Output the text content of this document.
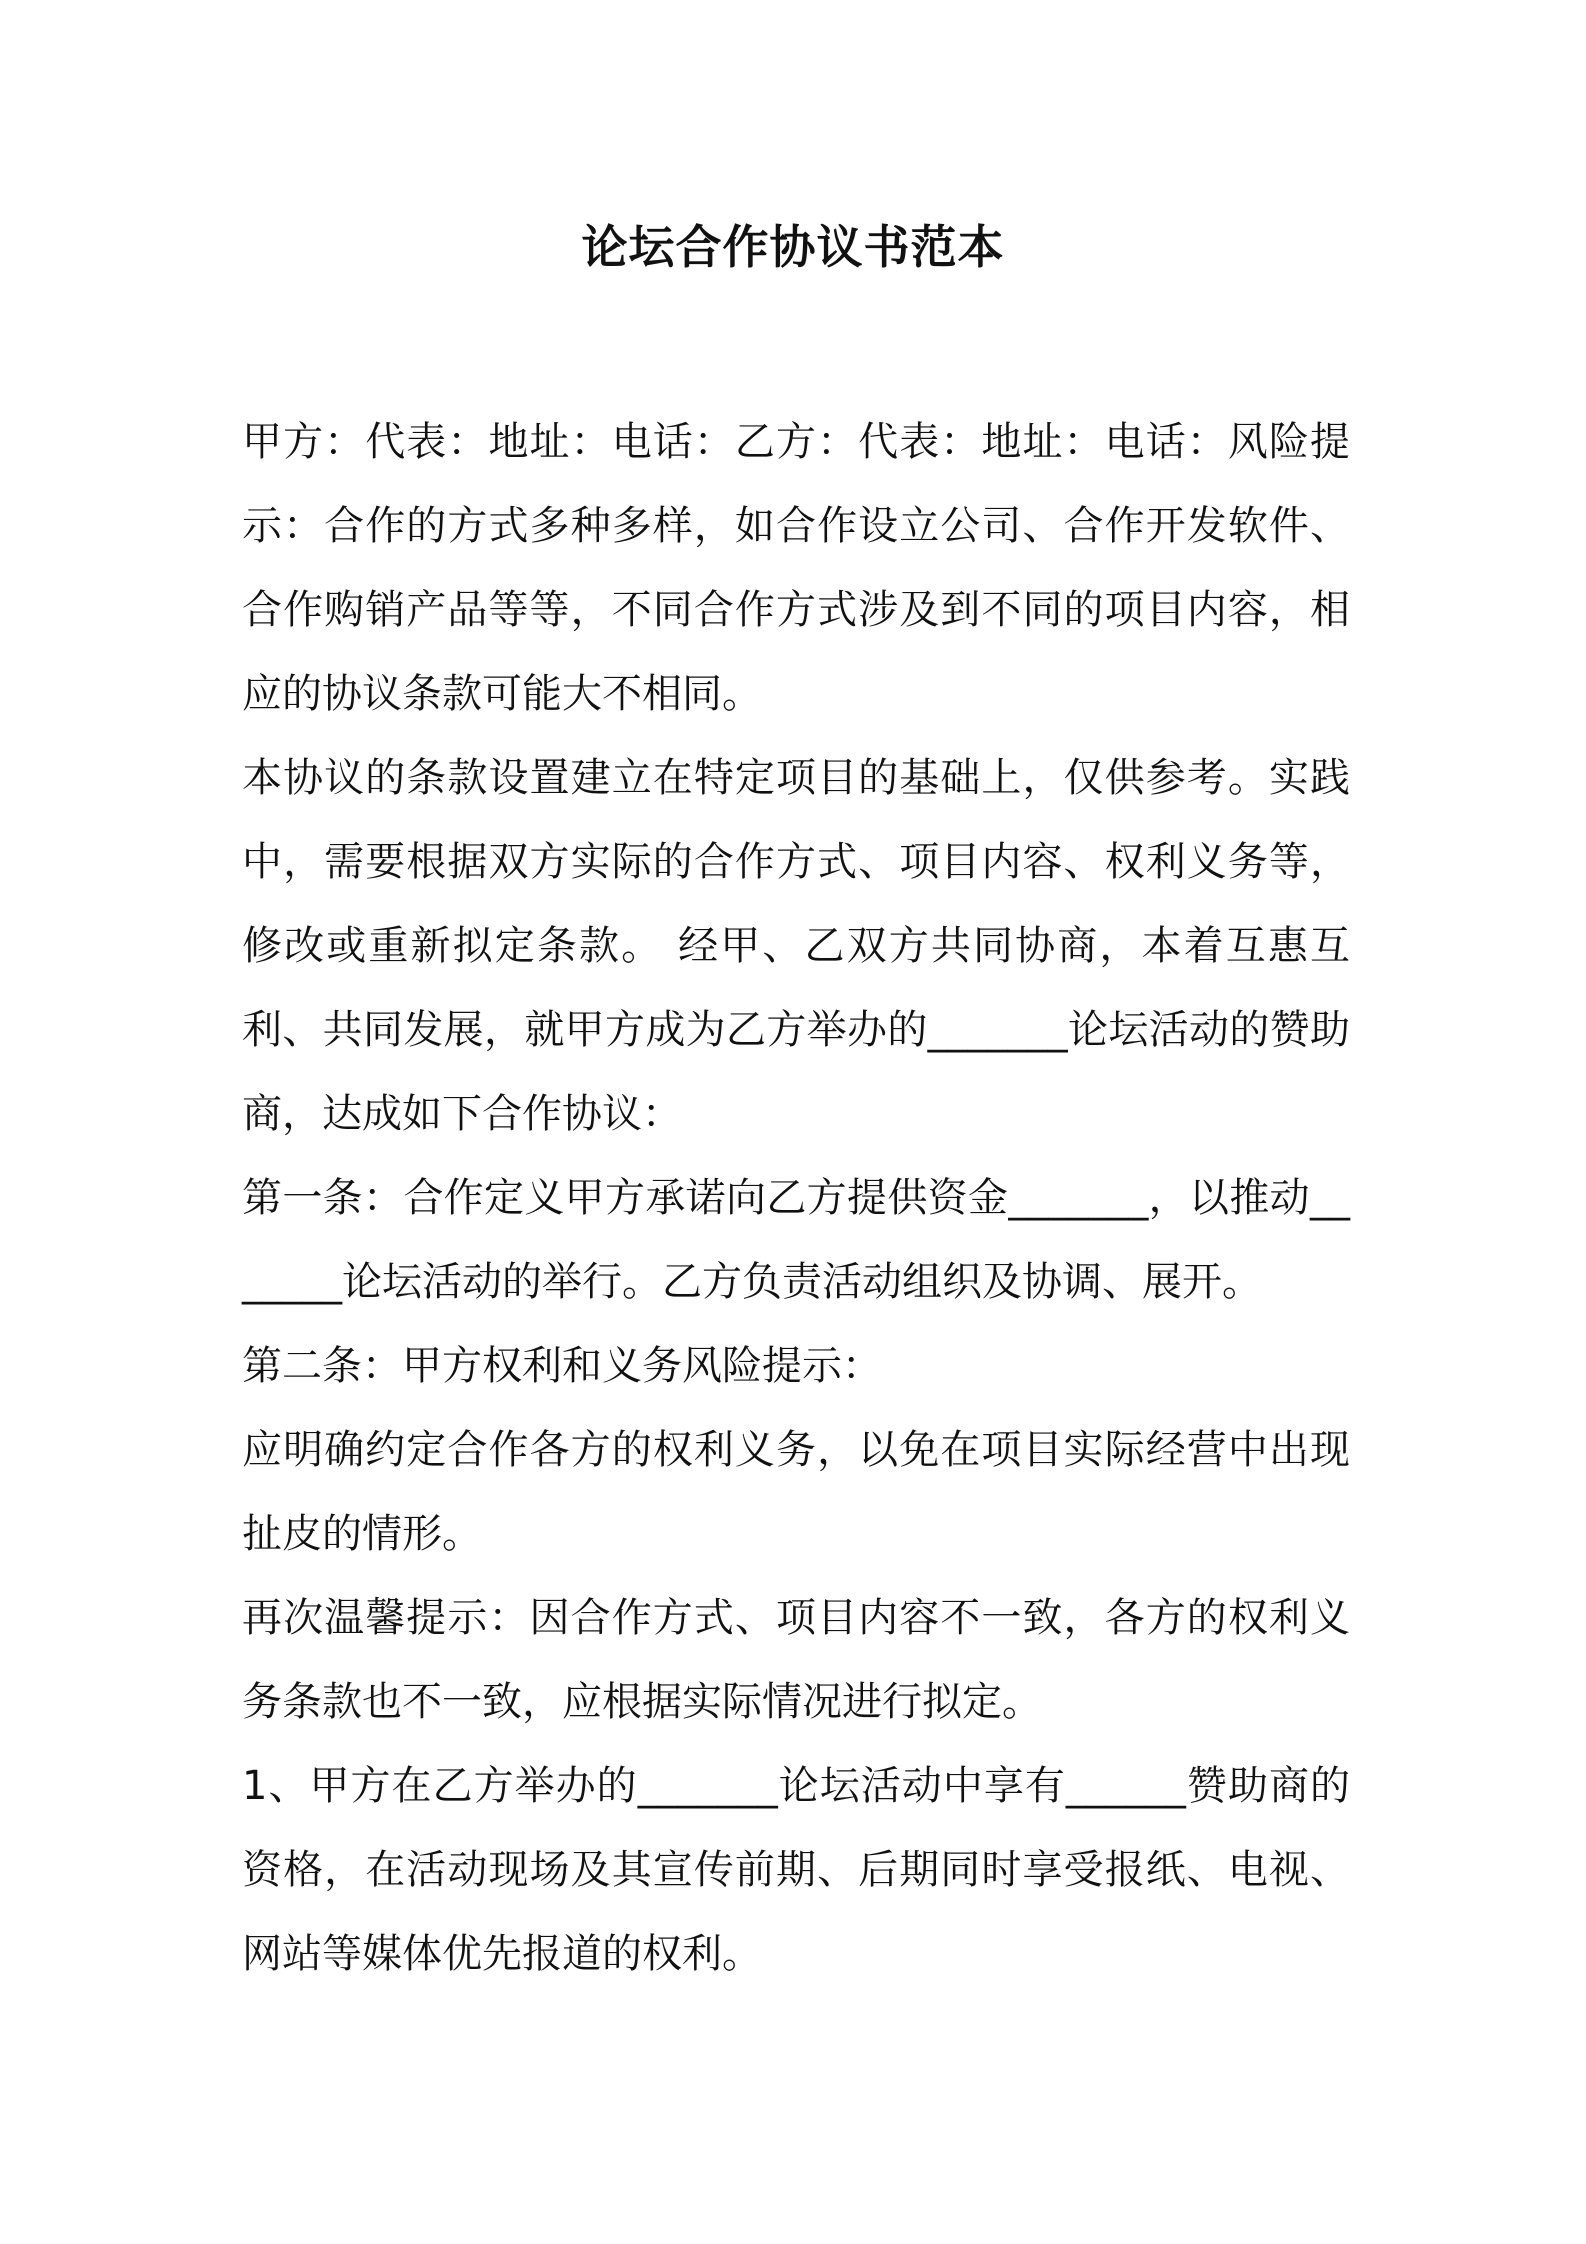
论坛合作协议书范本

甲方：代表：地址：电话：乙方：代表：地址：电话：风险提示：合作的方式多种多样，如合作设立公司、合作开发软件、合作购销产品等等，不同合作方式涉及到不同的项目内容，相应的协议条款可能大不相同。

本协议的条款设置建立在特定项目的基础上，仅供参考。实践中，需要根据双方实际的合作方式、项目内容、权利义务等，修改或重新拟定条款。 经甲、乙双方共同协商，本着互惠互利、共同发展，就甲方成为乙方举办的_______论坛活动的赞助商，达成如下合作协议：

第一条：合作定义甲方承诺向乙方提供资金_______，以推动_______论坛活动的举行。乙方负责活动组织及协调、展开。

第二条：甲方权利和义务风险提示：

应明确约定合作各方的权利义务，以免在项目实际经营中出现扯皮的情形。

再次温馨提示：因合作方式、项目内容不一致，各方的权利义务条款也不一致，应根据实际情况进行拟定。

1、甲方在乙方举办的_______论坛活动中享有______赞助商的资格，在活动现场及其宣传前期、后期同时享受报纸、电视、网站等媒体优先报道的权利。
